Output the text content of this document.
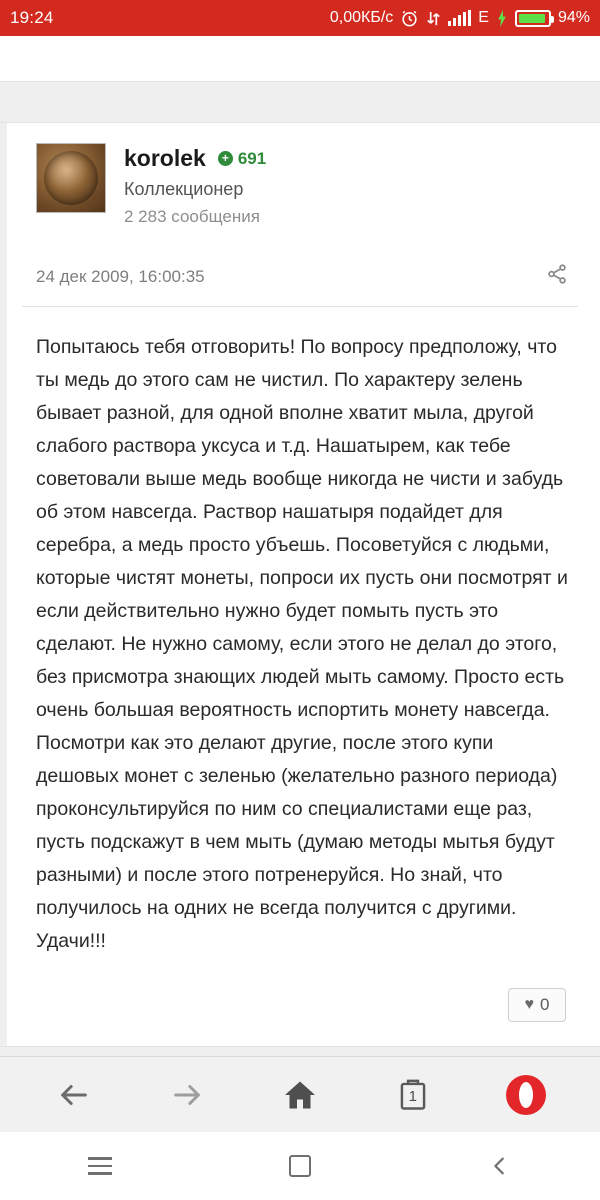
19:24	0,00КБ/с	E	94%
korolek	+ 691
Коллекционер
2 283 сообщения
24 дек 2009, 16:00:35
Попытаюсь тебя отговорить! По вопросу предположу, что ты медь до этого сам не чистил. По характеру зелень бывает разной, для одной вполне хватит мыла, другой слабого раствора уксуса и т.д. Нашатырем, как тебе советовали выше медь вообще никогда не чисти и забудь об этом навсегда. Раствор нашатыря подайдет для серебра, а медь просто убъешь. Посоветуйся с людьми, которые чистят монеты, попроси их пусть они посмотрят и если действительно нужно будет помыть пусть это сделают. Не нужно самому, если этого не делал до этого, без присмотра знающих людей мыть самому. Просто есть очень большая вероятность испортить монету навсегда. Посмотри как это делают другие, после этого купи дешовых монет с зеленью (желательно разного периода) проконсультируйся по ним со специалистами еще раз, пусть подскажут в чем мыть (думаю методы мытья будут разными) и после этого потренеруйся. Но знай, что получилось на одних не всегда получится с другими. Удачи!!!
♥ 0
1
